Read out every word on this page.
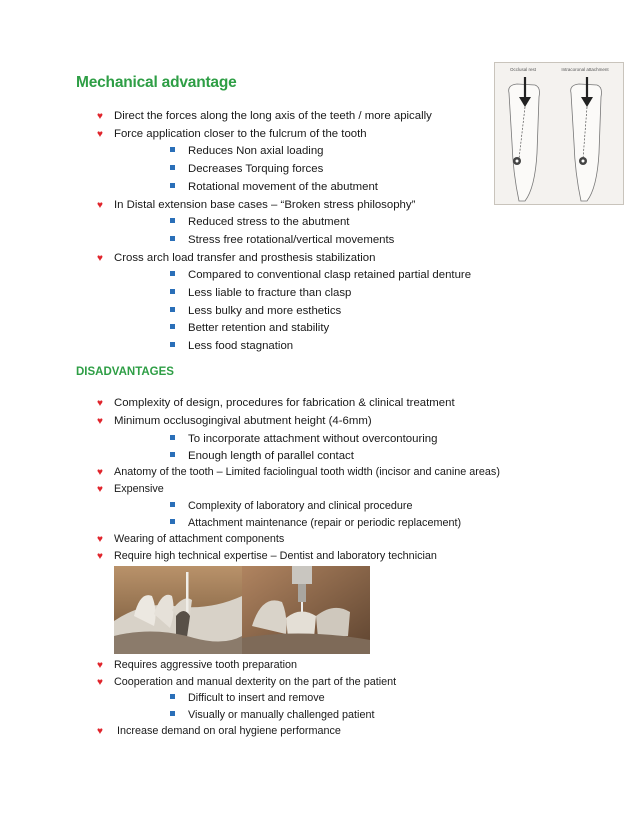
Mechanical advantage
Occlusal rest	Intracoronal attachment
♥ Direct the forces along the long axis of the teeth / more apically
♥ Force application closer to the fulcrum of the tooth
Reduces Non axial loading
Decreases Torquing forces
Rotational movement of the abutment
♥ In Distal extension base cases – “Broken stress philosophy”
Reduced stress to the abutment
Stress free rotational/vertical movements
♥ Cross arch load transfer and prosthesis stabilization
Compared to conventional clasp retained partial denture
Less liable to fracture than clasp
Less bulky and more esthetics
Better retention and stability
Less food stagnation
DISADVANTAGES
♥ Complexity of design, procedures for fabrication & clinical treatment
♥ Minimum occlusogingival abutment height (4-6mm)
To incorporate attachment without overcontouring
Enough length of parallel contact
♥ Anatomy of the tooth – Limited faciolingual tooth width (incisor and canine areas)
♥ Expensive
Complexity of laboratory and clinical procedure
Attachment maintenance (repair or periodic replacement)
♥ Wearing of attachment components
♥ Require high technical expertise – Dentist and laboratory technician
♥ Requires aggressive tooth preparation
♥ Cooperation and manual dexterity on the part of the patient
Difficult to insert and remove
Visually or manually challenged patient
♥ Increase demand on oral hygiene performance
